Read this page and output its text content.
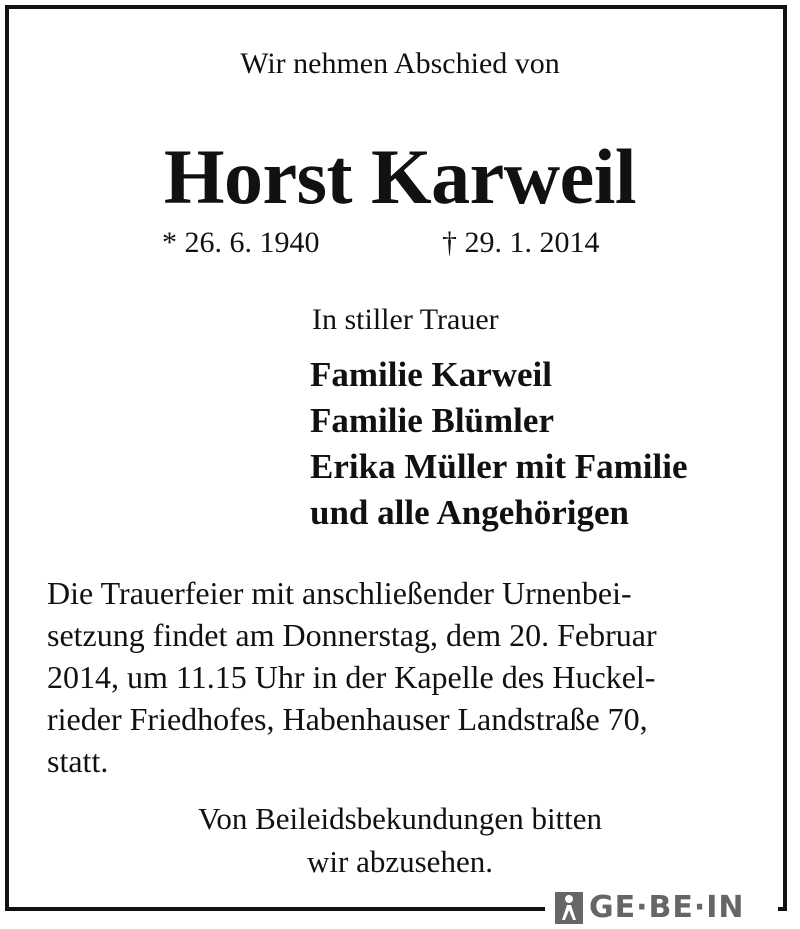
Wir nehmen Abschied von
Horst Karweil
* 26. 6. 1940	† 29. 1. 2014
In stiller Trauer
Familie Karweil
Familie Blümler
Erika Müller mit Familie
und alle Angehörigen
Die Trauerfeier mit anschließender Urnenbei-
setzung findet am Donnerstag, dem 20. Februar
2014, um 11.15 Uhr in der Kapelle des Huckel-
rieder Friedhofes, Habenhauser Landstraße 70,
statt.
Von Beileidsbekundungen bitten
wir abzusehen.
GE·BE·IN
